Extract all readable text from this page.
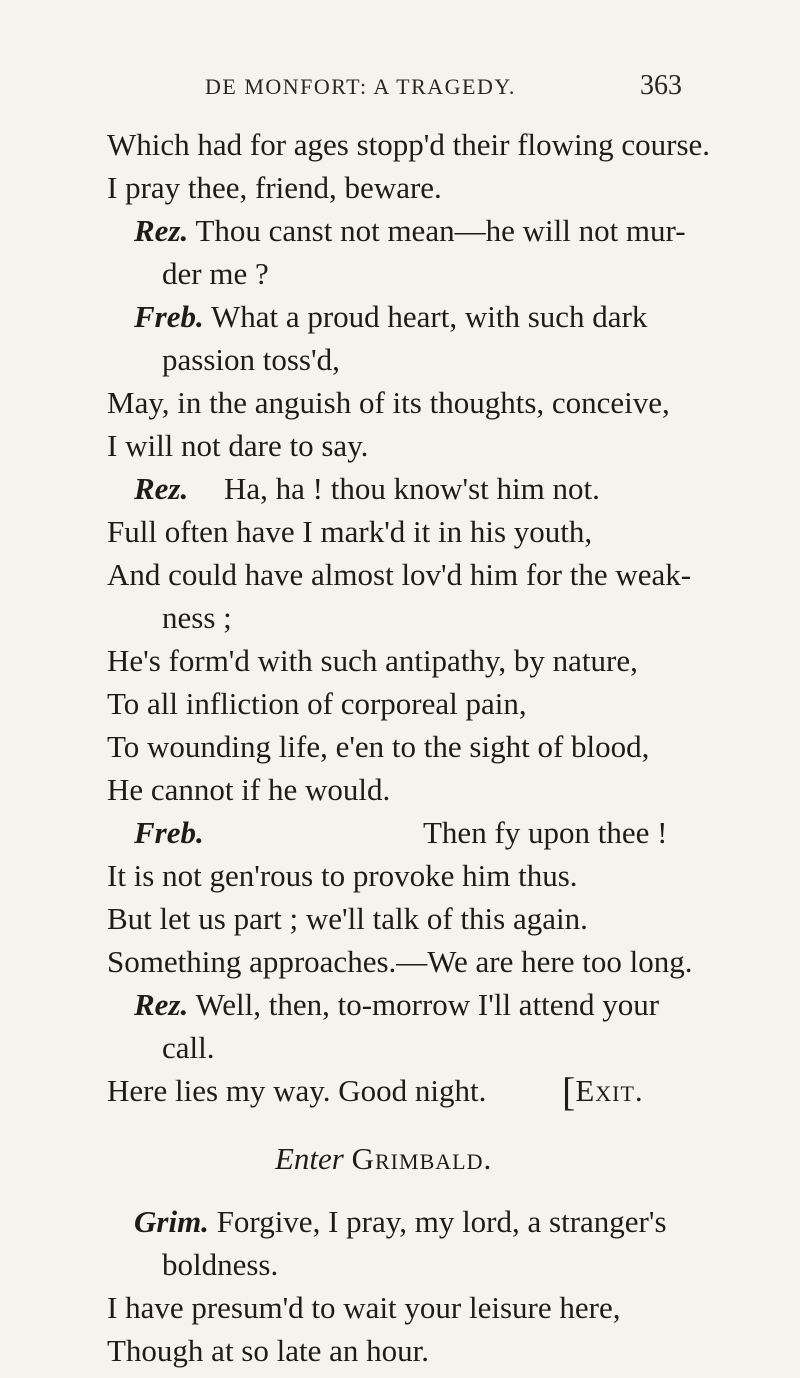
DE MONFORT: A TRAGEDY.	363
Which had for ages stopp'd their flowing course.
I pray thee, friend, beware.
Rez. Thou canst not mean—he will not mur-
der me ?
Freb. What a proud heart, with such dark
passion toss'd,
May, in the anguish of its thoughts, conceive,
I will not dare to say.
Rez. Ha, ha ! thou know'st him not.
Full often have I mark'd it in his youth,
And could have almost lov'd him for the weak-
ness ;
He's form'd with such antipathy, by nature,
To all infliction of corporeal pain,
To wounding life, e'en to the sight of blood,
He cannot if he would.
Freb.	Then fy upon thee !
It is not gen'rous to provoke him thus.
But let us part ; we'll talk of this again.
Something approaches.—We are here too long.
Rez. Well, then, to-morrow I'll attend your
call.
Here lies my way. Good night. [Exit.
Enter Grimbald.
Grim. Forgive, I pray, my lord, a stranger's
boldness.
I have presum'd to wait your leisure here,
Though at so late an hour.
